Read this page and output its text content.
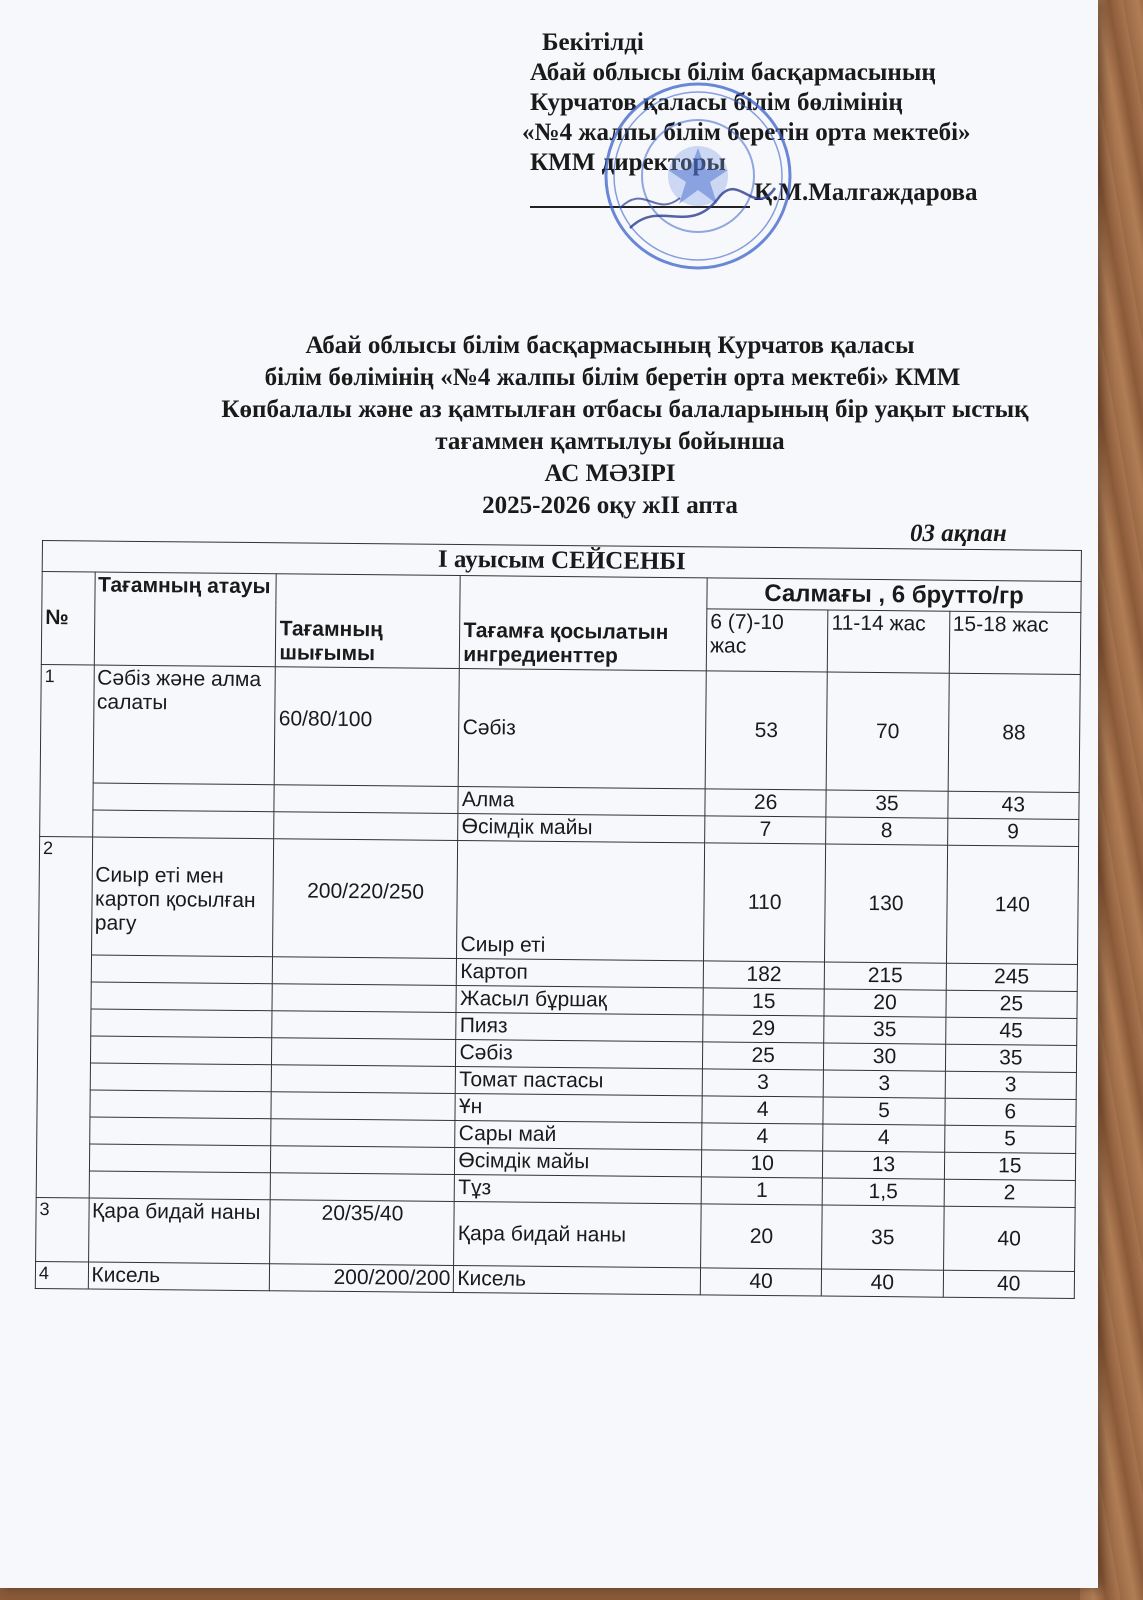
Бекітілді
Абай облысы білім басқармасының
Курчатов қаласы білім бөлімінің
«№4 жалпы білім беретін орта мектебі»
КММ директоры
Қ.М.Малгаждарова
Абай облысы білім басқармасының Курчатов қаласы
білім бөлімінің «№4 жалпы білім беретін орта мектебі» КММ
Көпбалалы және аз қамтылған отбасы балаларының бір уақыт ыстық
тағаммен қамтылуы бойынша
АС МӘЗІРІ
2025-2026 оқу жII апта
03 ақпан
I ауысым СЕЙСЕНБІ						
№	Тағамның атауы	Тағамның шығымы	Тағамға қосылатын ингредиенттер	Салмағы , 6 брутто/гр		
				6 (7)-10 жас	11-14 жас	15-18 жас
1	Сәбіз және алма салаты	60/80/100	Сәбіз	53	70	88
			Алма	26	35	43
			Өсімдік майы	7	8	9
2	Сиыр еті мен картоп қосылған рагу	200/220/250	Сиыр еті	110	130	140
			Картоп	182	215	245
			Жасыл бұршақ	15	20	25
			Пияз	29	35	45
			Сәбіз	25	30	35
			Томат пастасы	3	3	3
			Ұн	4	5	6
			Сары май	4	4	5
			Өсімдік майы	10	13	15
			Тұз	1	1,5	2
3	Қара бидай наны	20/35/40	Қара бидай наны	20	35	40
4	Кисель	200/200/200	Кисель	40	40	40
